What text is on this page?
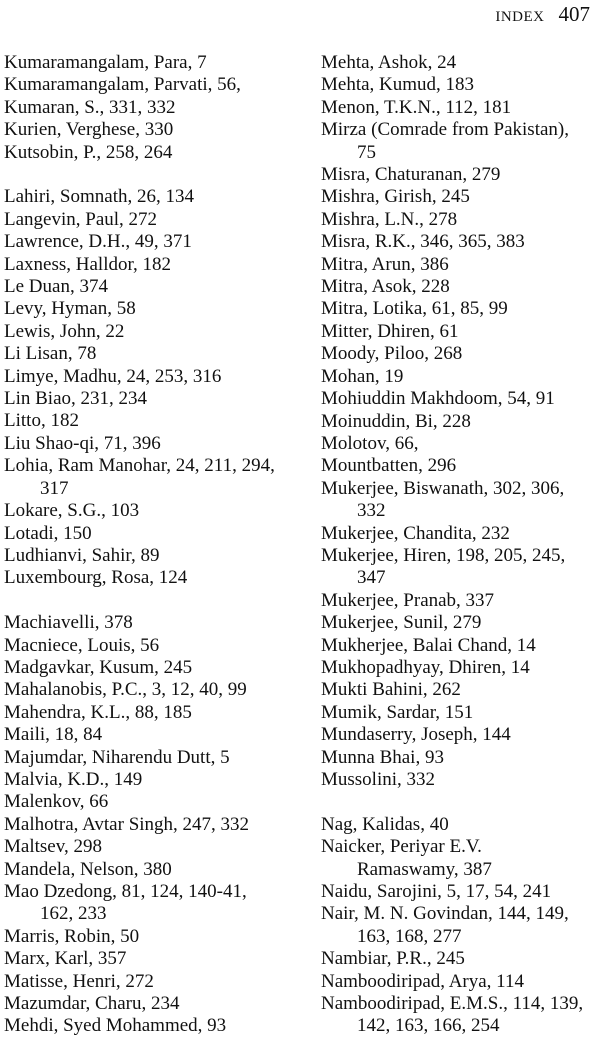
INDEX 407

Kumaramangalam, Para, 7

Kumaramangalam, Parvati, 56,

Kumaran, S., 331, 332

Kurien, Verghese, 330

Kutsobin, P., 258, 264

Lahiri, Somnath, 26, 134

Langevin, Paul, 272

Lawrence, D.H., 49, 371

Laxness, Halldor, 182

Le Duan, 374

Levy, Hyman, 58

Lewis, John, 22

Li Lisan, 78

Limye, Madhu, 24, 253, 316

Lin Biao, 231, 234

Litto, 182

Liu Shao-qi, 71, 396

Lohia, Ram Manohar, 24, 211, 294,
317

Lokare, S.G., 103

Lotadi, 150

Ludhianvi, Sahir, 89

Luxembourg, Rosa, 124

Machiavelli, 378

Macniece, Louis, 56

Madgavkar, Kusum, 245

Mahalanobis, P.C., 3, 12, 40, 99

Mahendra, K.L., 88, 185

Maili, 18, 84

Majumdar, Niharendu Dutt, 5

Malvia, K.D., 149

Malenkov, 66

Malhotra, Avtar Singh, 247, 332

Maltsev, 298

Mandela, Nelson, 380

Mao Dzedong, 81, 124, 140-41,
162, 233

Marris, Robin, 50

Marx, Karl, 357

Matisse, Henri, 272

Mazumdar, Charu, 234

Mehdi, Syed Mohammed, 93

Mehta, Ashok, 24

Mehta, Kumud, 183

Menon, T.K.N., 112, 181

Mirza (Comrade from Pakistan),
75

Misra, Chaturanan, 279

Mishra, Girish, 245

Mishra, L.N., 278

Misra, R.K., 346, 365, 383

Mitra, Arun, 386

Mitra, Asok, 228

Mitra, Lotika, 61, 85, 99

Mitter, Dhiren, 61

Moody, Piloo, 268

Mohan, 19

Mohiuddin Makhdoom, 54, 91

Moinuddin, Bi, 228

Molotov, 66,

Mountbatten, 296

Mukerjee, Biswanath, 302, 306,
332

Mukerjee, Chandita, 232

Mukerjee, Hiren, 198, 205, 245,
347

Mukerjee, Pranab, 337

Mukerjee, Sunil, 279

Mukherjee, Balai Chand, 14

Mukhopadhyay, Dhiren, 14

Mukti Bahini, 262

Mumik, Sardar, 151

Mundaserry, Joseph, 144

Munna Bhai, 93

Mussolini, 332

Nag, Kalidas, 40

Naicker, Periyar E.V.
Ramaswamy, 387

Naidu, Sarojini, 5, 17, 54, 241

Nair, M. N. Govindan, 144, 149,
163, 168, 277

Nambiar, P.R., 245

Namboodiripad, Arya, 114

Namboodiripad, E.M.S., 114, 139,
142, 163, 166, 254
